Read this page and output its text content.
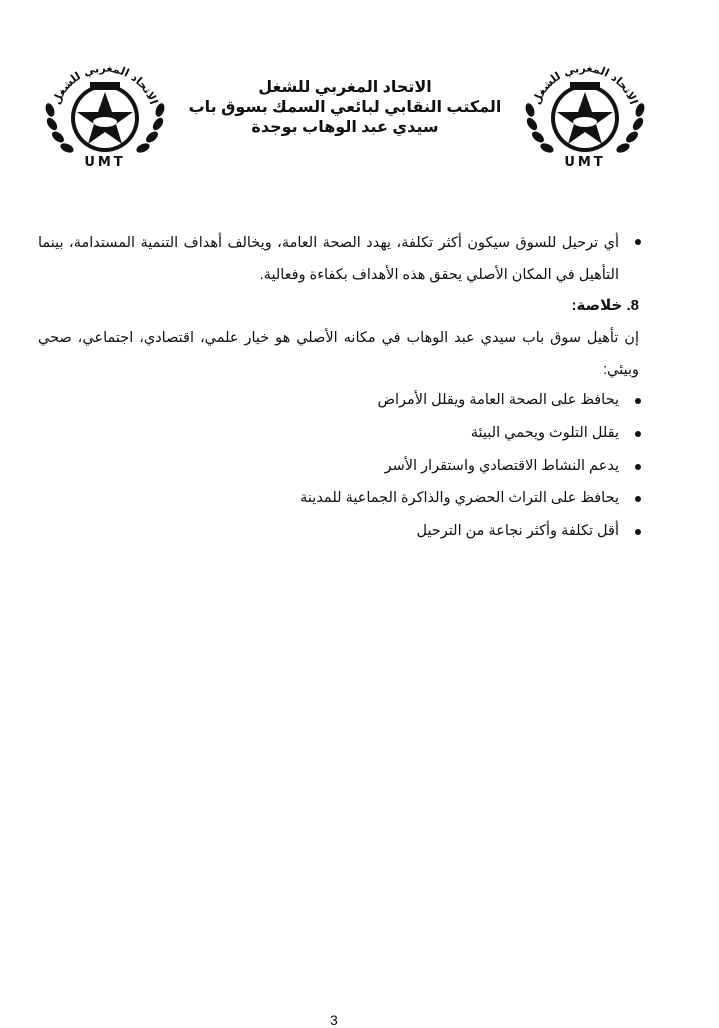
الاتحاد المغربي للشغل
UMT
الاتحاد المغربي للشغل
UMT
الاتحاد المغربي للشغل
المكتب النقابي لبائعي السمك بسوق باب
سيدي عبد الوهاب بوجدة
أي ترحيل للسوق سيكون أكثر تكلفة، يهدد الصحة العامة، ويخالف أهداف التنمية المستدامة، بينما التأهيل في المكان الأصلي يحقق هذه الأهداف بكفاءة وفعالية.
8. خلاصة:
إن تأهيل سوق باب سيدي عبد الوهاب في مكانه الأصلي هو خيار علمي، اقتصادي، اجتماعي، صحي وبيئي:
يحافظ على الصحة العامة ويقلل الأمراض
يقلل التلوث ويحمي البيئة
يدعم النشاط الاقتصادي واستقرار الأسر
يحافظ على التراث الحضري والذاكرة الجماعية للمدينة
أقل تكلفة وأكثر نجاعة من الترحيل
3
